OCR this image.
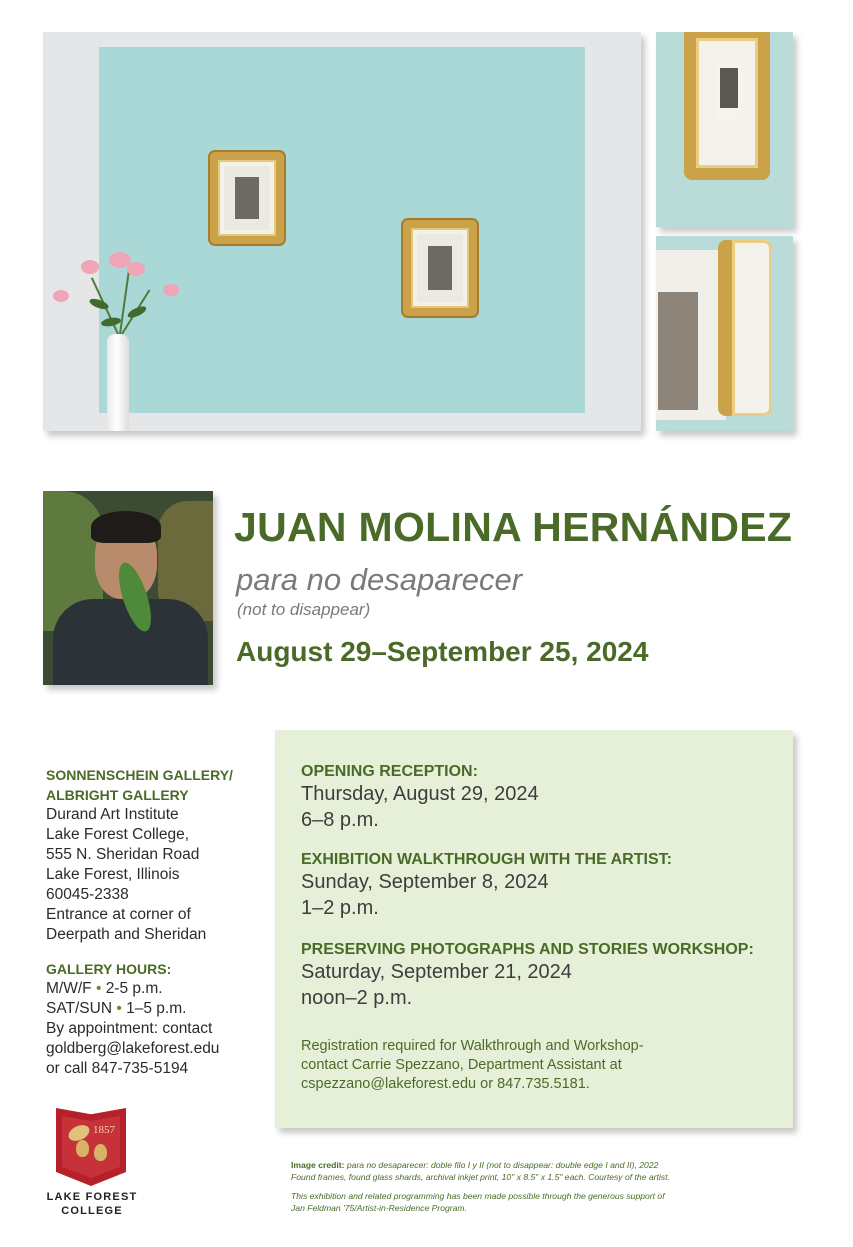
JUAN MOLINA HERNÁNDEZ

para no desaparecer

(not to disappear)

August 29–September 25, 2024

SONNENSCHEIN GALLERY/
ALBRIGHT GALLERY
Durand Art Institute
Lake Forest College,
555 N. Sheridan Road
Lake Forest, Illinois
60045-2338
Entrance at corner of
Deerpath and Sheridan
GALLERY HOURS:
M/W/F • 2-5 p.m.
SAT/SUN • 1–5 p.m.
By appointment: contact
goldberg@lakeforest.edu
or call 847-735-5194
OPENING RECEPTION:
Thursday, August 29, 2024
6–8 p.m.
EXHIBITION WALKTHROUGH WITH THE ARTIST:
Sunday, September 8, 2024
1–2 p.m.
PRESERVING PHOTOGRAPHS AND STORIES WORKSHOP:
Saturday, September 21, 2024
noon–2 p.m.
Registration required for Walkthrough and Workshop-
contact Carrie Spezzano, Department Assistant at
cspezzano@lakeforest.edu or 847.735.5181.
1857
LAKE FOREST
COLLEGE
Image credit: para no desaparecer: doble filo I y II (not to disappear: double edge I and II), 2022
Found frames, found glass shards, archival inkjet print, 10" x 8.5" x 1.5" each. Courtesy of the artist.
This exhibition and related programming has been made possible through the generous support of
Jan Feldman '75/Artist-in-Residence Program.
